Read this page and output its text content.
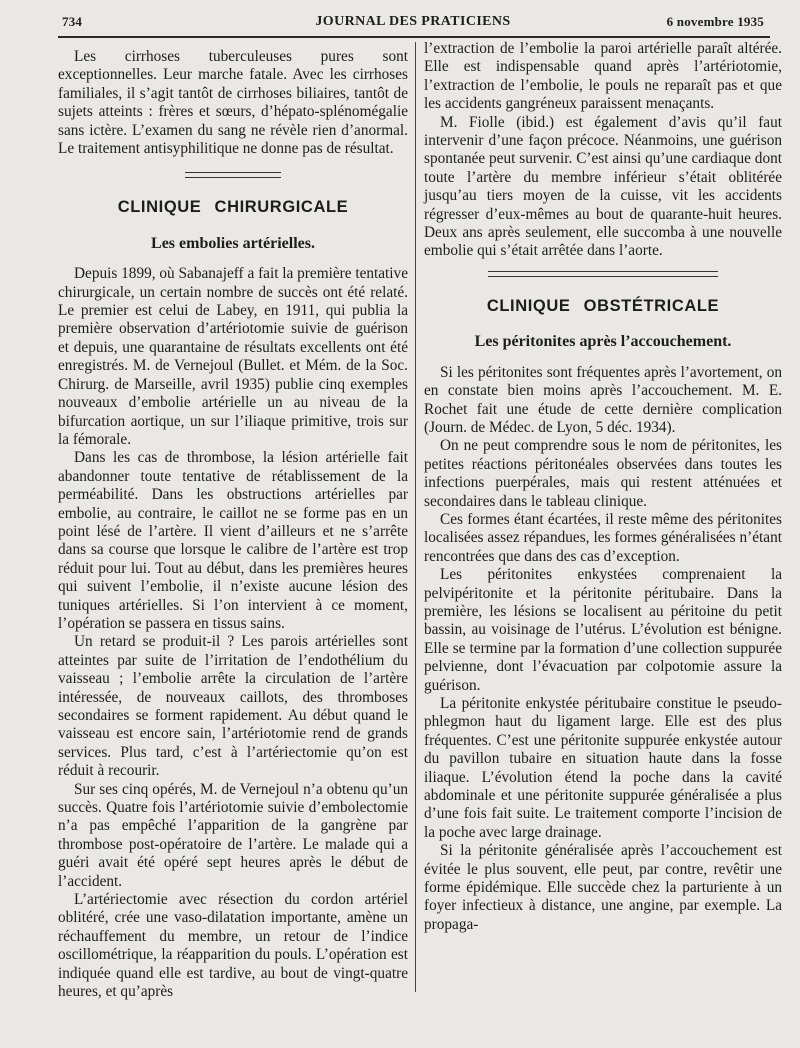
734	JOURNAL DES PRATICIENS	6 novembre 1935

Les cirrhoses tuberculeuses pures sont exceptionnelles. Leur marche fatale. Avec les cirrhoses familiales, il s’agit tantôt de cirrhoses biliaires, tantôt de sujets atteints : frères et sœurs, d’hépato-splénomégalie sans ictère. L’examen du sang ne révèle rien d’anormal. Le traitement antisyphilitique ne donne pas de résultat.

CLINIQUE CHIRURGICALE
Les embolies artérielles.

Depuis 1899, où Sabanajeff a fait la première tentative chirurgicale, un certain nombre de succès ont été relaté. Le premier est celui de Labey, en 1911, qui publia la première observation d’artériotomie suivie de guérison et depuis, une quarantaine de résultats excellents ont été enregistrés. M. de Vernejoul (Bullet. et Mém. de la Soc. Chirurg. de Marseille, avril 1935) publie cinq exemples nouveaux d’embolie artérielle un au niveau de la bifurcation aortique, un sur l’iliaque primitive, trois sur la fémorale.

Dans les cas de thrombose, la lésion artérielle fait abandonner toute tentative de rétablissement de la perméabilité. Dans les obstructions artérielles par embolie, au contraire, le caillot ne se forme pas en un point lésé de l’artère. Il vient d’ailleurs et ne s’arrête dans sa course que lorsque le calibre de l’artère est trop réduit pour lui. Tout au début, dans les premières heures qui suivent l’embolie, il n’existe aucune lésion des tuniques artérielles. Si l’on intervient à ce moment, l’opération se passera en tissus sains.

Un retard se produit-il ? Les parois artérielles sont atteintes par suite de l’irritation de l’endothélium du vaisseau ; l’embolie arrête la circulation de l’artère intéressée, de nouveaux caillots, des thromboses secondaires se forment rapidement. Au début quand le vaisseau est encore sain, l’artériotomie rend de grands services. Plus tard, c’est à l’artériectomie qu’on est réduit à recourir.

Sur ses cinq opérés, M. de Vernejoul n’a obtenu qu’un succès. Quatre fois l’artériotomie suivie d’embolectomie n’a pas empêché l’apparition de la gangrène par thrombose post-opératoire de l’artère. Le malade qui a guéri avait été opéré sept heures après le début de l’accident.

L’artériectomie avec résection du cordon artériel oblitéré, crée une vaso-dilatation importante, amène un réchauffement du membre, un retour de l’indice oscillométrique, la réapparition du pouls. L’opération est indiquée quand elle est tardive, au bout de vingt-quatre heures, et qu’après

l’extraction de l’embolie la paroi artérielle paraît altérée. Elle est indispensable quand après l’artériotomie, l’extraction de l’embolie, le pouls ne reparaît pas et que les accidents gangréneux paraissent menaçants.

M. Fiolle (ibid.) est également d’avis qu’il faut intervenir d’une façon précoce. Néanmoins, une guérison spontanée peut survenir. C’est ainsi qu’une cardiaque dont toute l’artère du membre inférieur s’était oblitérée jusqu’au tiers moyen de la cuisse, vit les accidents régresser d’eux-mêmes au bout de quarante-huit heures. Deux ans après seulement, elle succomba à une nouvelle embolie qui s’était arrêtée dans l’aorte.

CLINIQUE OBSTÉTRICALE
Les péritonites après l’accouchement.

Si les péritonites sont fréquentes après l’avortement, on en constate bien moins après l’accouchement. M. E. Rochet fait une étude de cette dernière complication (Journ. de Médec. de Lyon, 5 déc. 1934).

On ne peut comprendre sous le nom de péritonites, les petites réactions péritonéales observées dans toutes les infections puerpérales, mais qui restent atténuées et secondaires dans le tableau clinique.

Ces formes étant écartées, il reste même des péritonites localisées assez répandues, les formes généralisées n’étant rencontrées que dans des cas d’exception.

Les péritonites enkystées comprenaient la pelvipéritonite et la péritonite péritubaire. Dans la première, les lésions se localisent au péritoine du petit bassin, au voisinage de l’utérus. L’évolution est bénigne. Elle se termine par la formation d’une collection suppurée pelvienne, dont l’évacuation par colpotomie assure la guérison.

La péritonite enkystée péritubaire constitue le pseudo-phlegmon haut du ligament large. Elle est des plus fréquentes. C’est une péritonite suppurée enkystée autour du pavillon tubaire en situation haute dans la fosse iliaque. L’évolution étend la poche dans la cavité abdominale et une péritonite suppurée généralisée a plus d’une fois fait suite. Le traitement comporte l’incision de la poche avec large drainage.

Si la péritonite généralisée après l’accouchement est évitée le plus souvent, elle peut, par contre, revêtir une forme épidémique. Elle succède chez la parturiente à un foyer infectieux à distance, une angine, par exemple. La propaga-
